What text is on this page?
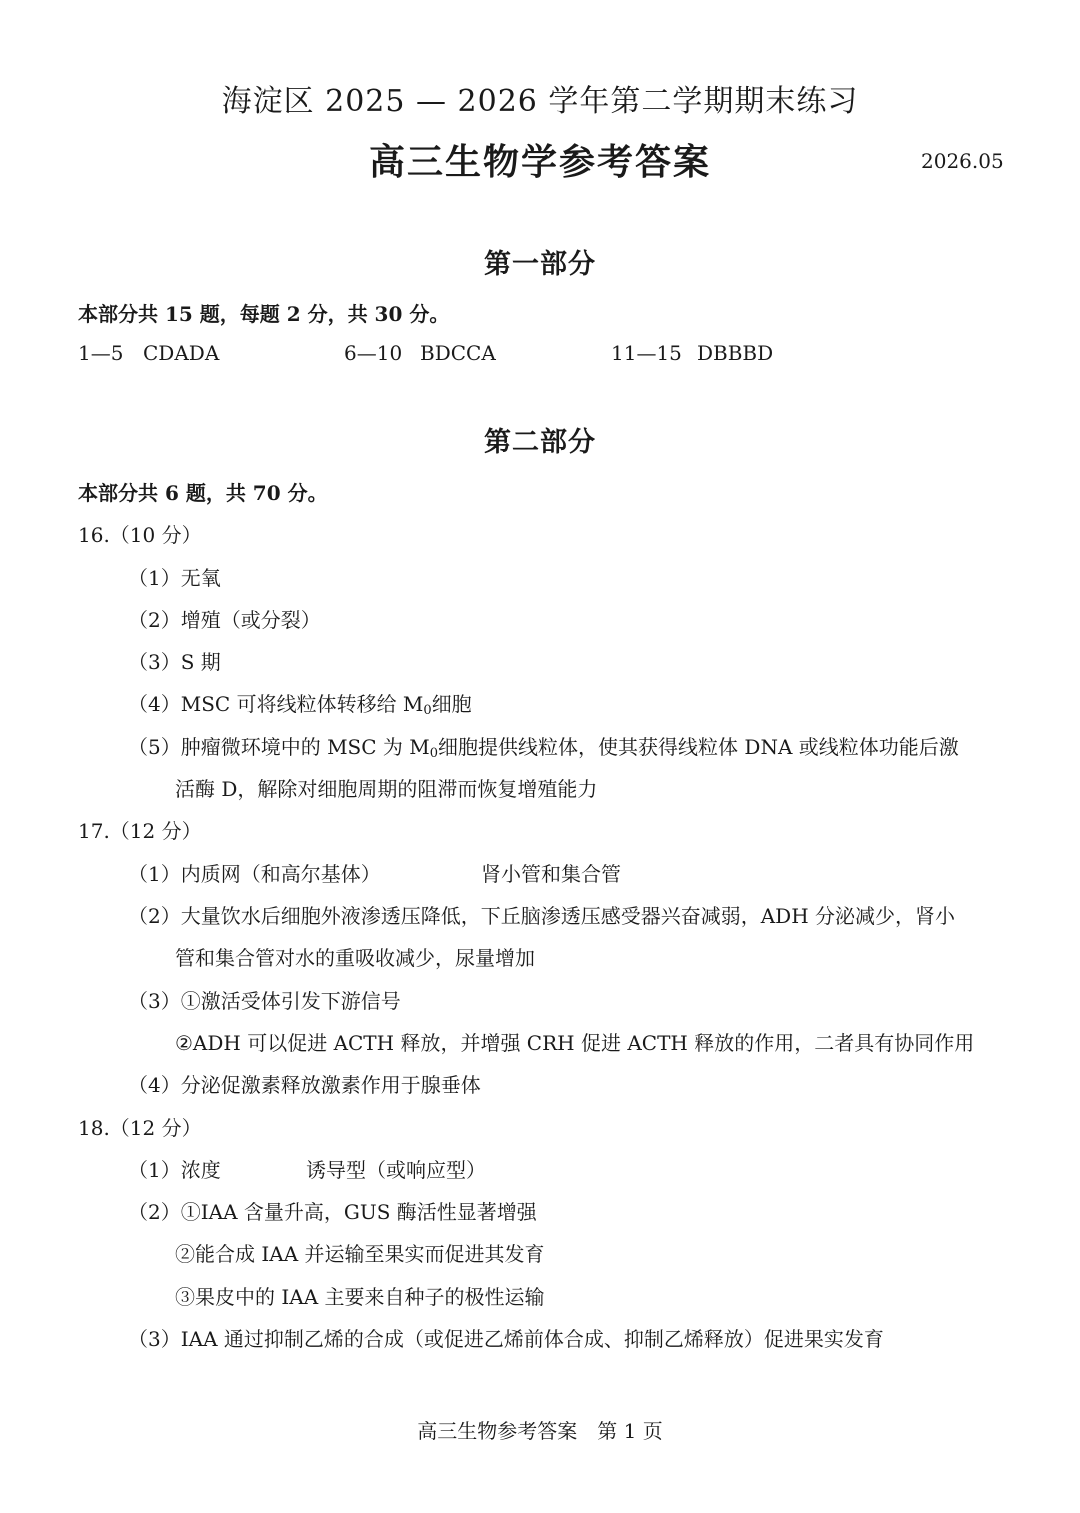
海淀区 2025 — 2026 学年第二学期期末练习
高三生物学参考答案	2026.05
第一部分
本部分共 15 题，每题 2 分，共 30 分。
1—5 CDADA	6—10 BDCCA	11—15 DBBBD
第二部分
本部分共 6 题，共 70 分。
16.（10 分）
（1）无氧
（2）增殖（或分裂）
（3）S 期
（4）MSC 可将线粒体转移给 $M_0$细胞
（5）肿瘤微环境中的 MSC 为 $M_0$细胞提供线粒体，使其获得线粒体 DNA 或线粒体功能后激
活酶 D，解除对细胞周期的阻滞而恢复增殖能力
17.（12 分）
（1）内质网（和高尔基体）	肾小管和集合管
（2）大量饮水后细胞外液渗透压降低，下丘脑渗透压感受器兴奋减弱，ADH 分泌减少，肾小
管和集合管对水的重吸收减少，尿量增加
（3）①激活受体引发下游信号
②ADH 可以促进 ACTH 释放，并增强 CRH 促进 ACTH 释放的作用，二者具有协同作用
（4）分泌促激素释放激素作用于腺垂体
18.（12 分）
（1）浓度	诱导型（或响应型）
（2）①IAA 含量升高，GUS 酶活性显著增强
②能合成 IAA 并运输至果实而促进其发育
③果皮中的 IAA 主要来自种子的极性运输
（3）IAA 通过抑制乙烯的合成（或促进乙烯前体合成、抑制乙烯释放）促进果实发育
高三生物参考答案　第 1 页
